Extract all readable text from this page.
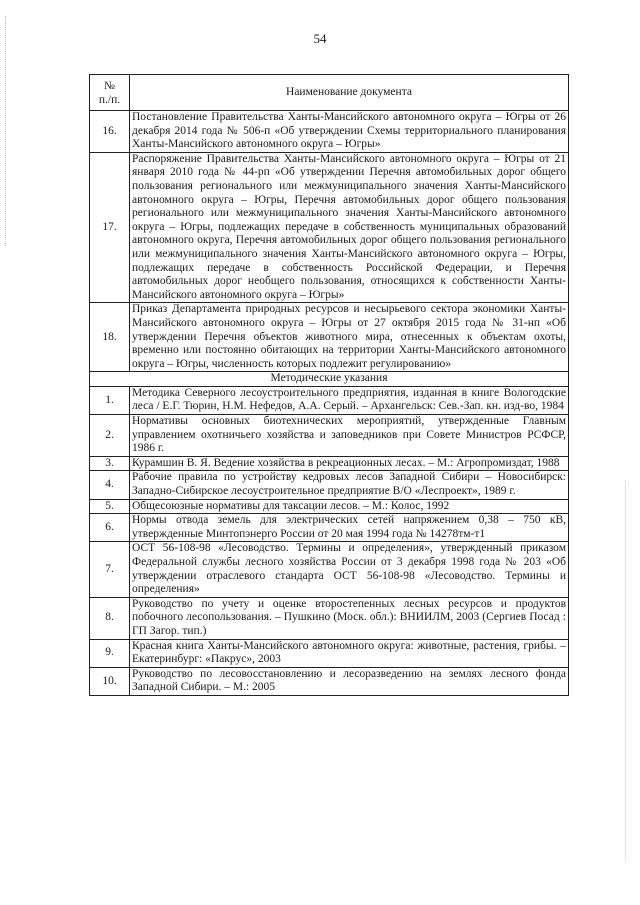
54
№
п./п.	Наименование документа
16.	Постановление Правительства Ханты-Мансийского автономного округа – Югры от 26 декабря 2014 года № 506-п «Об утверждении Схемы территориального планирования Ханты-Мансийского автономного округа – Югры»
17.	Распоряжение Правительства Ханты-Мансийского автономного округа – Югры от 21 января 2010 года № 44-рп «Об утверждении Перечня автомобильных дорог общего пользования регионального или межмуниципального значения Ханты-Мансийского автономного округа – Югры, Перечня автомобильных дорог общего пользования регионального или межмуниципального значения Ханты-Мансийского автономного округа – Югры, подлежащих передаче в собственность муниципальных образований автономного округа, Перечня автомобильных дорог общего пользования регионального или межмуниципального значения Ханты-Мансийского автономного округа – Югры, подлежащих передаче в собственность Российской Федерации, и Перечня автомобильных дорог необщего пользования, относящихся к собственности Ханты-Мансийского автономного округа – Югры»
18.	Приказ Департамента природных ресурсов и несырьевого сектора экономики Ханты-Мансийского автономного округа – Югры от 27 октября 2015 года № 31-нп «Об утверждении Перечня объектов животного мира, отнесенных к объектам охоты, временно или постоянно обитающих на территории Ханты-Мансийского автономного округа – Югры, численность которых подлежит регулированию»
Методические указания	
1.	Методика Северного лесоустроительного предприятия, изданная в книге Вологодские леса / Е.Г. Тюрин, Н.М. Нефедов, А.А. Серый. – Архангельск: Сев.-Зап. кн. изд-во, 1984
2.	Нормативы основных биотехнических мероприятий, утвержденные Главным управлением охотничьего хозяйства и заповедников при Совете Министров РСФСР, 1986 г.
3.	Курамшин В. Я. Ведение хозяйства в рекреационных лесах. – М.: Агропромиздат, 1988
4.	Рабочие правила по устройству кедровых лесов Западной Сибири – Новосибирск: Западно-Сибирское лесоустроительное предприятие В/О «Леспроект», 1989 г.
5.	Общесоюзные нормативы для таксации лесов. – М.: Колос, 1992
6.	Нормы отвода земель для электрических сетей напряжением 0,38 – 750 кВ, утвержденные Минтопэнерго России от 20 мая 1994 года № 14278тм-т1
7.	ОСТ 56-108-98 «Лесоводство. Термины и определения», утвержденный приказом Федеральной службы лесного хозяйства России от 3 декабря 1998 года № 203 «Об утверждении отраслевого стандарта ОСТ 56-108-98 «Лесоводство. Термины и определения»
8.	Руководство по учету и оценке второстепенных лесных ресурсов и продуктов побочного лесопользования. – Пушкино (Моск. обл.): ВНИИЛМ, 2003 (Сергиев Посад : ГП Загор. тип.)
9.	Красная книга Ханты-Мансийского автономного округа: животные, растения, грибы. – Екатеринбург: «Пакрус», 2003
10.	Руководство по лесовосстановлению и лесоразведению на землях лесного фонда Западной Сибири. – М.: 2005
